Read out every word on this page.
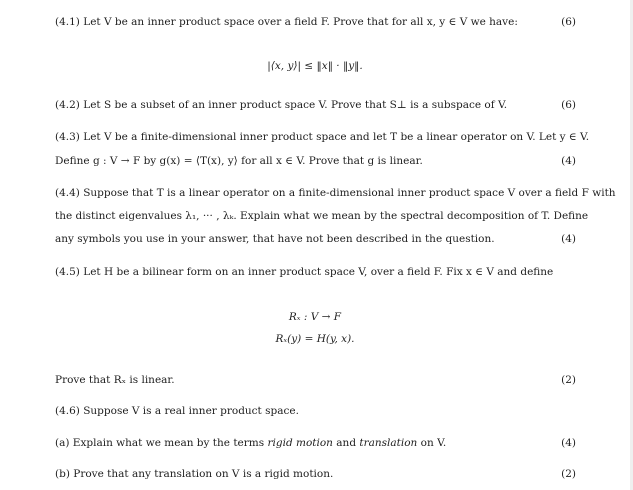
(4.1) Let V be an inner product space over a field F. Prove that for all x, y ∈ V we have:	(6)
|⟨x, y⟩| ≤ ‖x‖ · ‖y‖.
(4.2) Let S be a subset of an inner product space V. Prove that S⊥ is a subspace of V.	(6)
(4.3) Let V be a finite-dimensional inner product space and let T be a linear operator on V. Let y ∈ V.
Define g : V → F by g(x) = ⟨T(x), y⟩ for all x ∈ V. Prove that g is linear.	(4)
(4.4) Suppose that T is a linear operator on a finite-dimensional inner product space V over a field F with
the distinct eigenvalues λ₁, ··· , λₖ. Explain what we mean by the spectral decomposition of T. Define
any symbols you use in your answer, that have not been described in the question.	(4)
(4.5) Let H be a bilinear form on an inner product space V, over a field F. Fix x ∈ V and define
Rₓ : V → F
Rₓ(y) = H(y, x).
Prove that Rₓ is linear.	(2)
(4.6) Suppose V is a real inner product space.
(a) Explain what we mean by the terms rigid motion and translation on V.	(4)
(b) Prove that any translation on V is a rigid motion.	(2)
